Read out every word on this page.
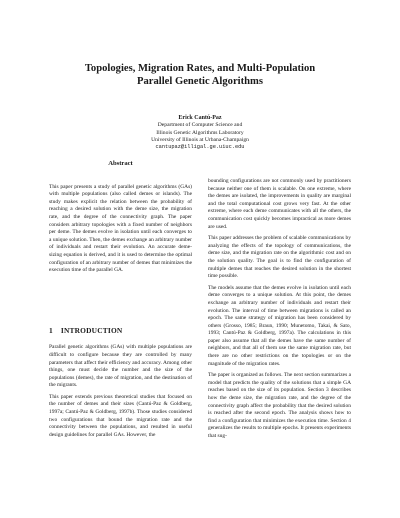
Topologies, Migration Rates, and Multi-Population
Parallel Genetic Algorithms
Erick Cantú-Paz
Department of Computer Science and
Illinois Genetic Algorithms Laboratory
University of Illinois at Urbana-Champaign
cantupaz@illigal.ge.uiuc.edu
Abstract

This paper presents a study of parallel genetic algorithms (GAs) with multiple populations (also called demes or islands). The study makes explicit the relation between the probability of reaching a desired solution with the deme size, the migration rate, and the degree of the connectivity graph. The paper considers arbitrary topologies with a fixed number of neighbors per deme. The demes evolve in isolation until each converges to a unique solution. Then, the demes exchange an arbitrary number of individuals and restart their evolution. An accurate deme-sizing equation is derived, and it is used to determine the optimal configuration of an arbitrary number of demes that minimizes the execution time of the parallel GA.

1 INTRODUCTION

Parallel genetic algorithms (GAs) with multiple populations are difficult to configure because they are controlled by many parameters that affect their efficiency and accuracy. Among other things, one must decide the number and the size of the populations (demes), the rate of migration, and the destination of the migrants.

This paper extends previous theoretical studies that focused on the number of demes and their sizes (Cantú-Paz & Goldberg, 1997a; Cantú-Paz & Goldberg, 1997b). Those studies considered two configurations that bound the migration rate and the connectivity between the populations, and resulted in useful design guidelines for parallel GAs. However, the

bounding configurations are not commonly used by practitioners because neither one of them is scalable. On one extreme, where the demes are isolated, the improvements in quality are marginal and the total computational cost grows very fast. At the other extreme, where each deme communicates with all the others, the communication cost quickly becomes impractical as more demes are used.

This paper addresses the problem of scalable communications by analyzing the effects of the topology of communications, the deme size, and the migration rate on the algorithmic cost and on the solution quality. The goal is to find the configuration of multiple demes that reaches the desired solution in the shortest time possible.

The models assume that the demes evolve in isolation until each deme converges to a unique solution. At this point, the demes exchange an arbitrary number of individuals and restart their evolution. The interval of time between migrations is called an epoch. The same strategy of migration has been considered by others (Grosso, 1985; Braun, 1990; Munetomo, Takai, & Sato, 1993; Cantú-Paz & Goldberg, 1997a). The calculations in this paper also assume that all the demes have the same number of neighbors, and that all of them use the same migration rate, but there are no other restrictions on the topologies or on the magnitude of the migration rates.

The paper is organized as follows. The next section summarizes a model that predicts the quality of the solutions that a simple GA reaches based on the size of its population. Section 3 describes how the deme size, the migration rate, and the degree of the connectivity graph affect the probability that the desired solution is reached after the second epoch. The analysis shows how to find a configuration that minimizes the execution time. Section 4 generalizes the results to multiple epochs. It presents experiments that sug-
